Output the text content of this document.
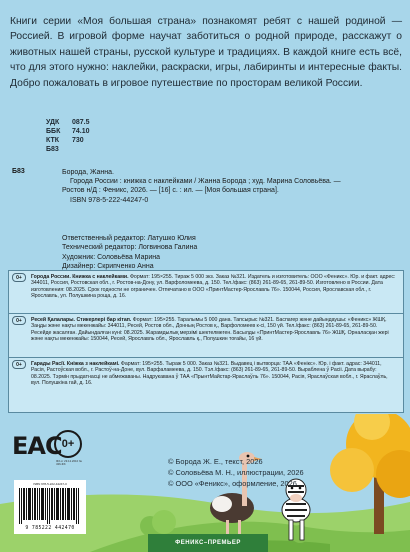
Книги серии «Моя большая страна» познакомят ребят с нашей родиной — Россией. В игровой форме научат заботиться о родной природе, расскажут о животных нашей страны, русской культуре и традициях. В каждой книге есть всё, что для этого нужно: наклейки, раскраски, игры, лабиринты и интересные факты. Добро пожаловать в игровое путешествие по просторам великой России.

УДК	087.5
ББК	74.10
КТК	730
Б83
Б83	Борода, Жанна.
Города России : книжка с наклейками / Жанна Борода ; худ. Марина Соловьёва. — Ростов н/Д : Феникс, 2026. — [16] с. : ил. — [Моя большая страна].
ISBN 978-5-222-44247-0
Ответственный редактор: Латушко Юлия
Технический редактор: Логвинова Галина
Художник: Соловьёва Марина
Дизайнер: Скрипченко Анна
0+	Города России. Книжка с наклейками. Формат: 195×255. Тираж 5 000 экз. Заказ №321. Издатель и изготовитель: ООО «Феникс». Юр. и факт. адрес: 344011, Россия, Ростовская обл., г. Ростов-на-Дону, ул. Варфоломеева, д. 150. Тел./факс: (863) 261-89-65, 261-89-50. Изготовлено в России. Дата изготовления: 08.2025. Срок годности не ограничен. Отпечатано в ООО «ПринтМастер-Ярославль 76». 150044, Россия, Ярославская обл., г. Ярославль, ул. Полушкина роща, д. 16.
0+	Ресей Қалалары. Стикерлері бар кітап. Формат: 195×255. Таралымы 5 000 дана. Тапсырыс №321. Баспагер және дайындаушы: «Феникс» ЖШҚ. Заңды және нақты мекенжайы: 344011, Ресей, Ростов обл., Донның Ростов қ., Варфоломеев к-сі, 150 үй. Тел./факс: (863) 261-89-65, 261-89-50. Ресейде жасалған. Дайындалған күні: 08.2025. Жарамдылық мерзімі шектелмеген. Басылды «ПринтМастер-Ярославль 76» ЖШҚ. Орналасқан жері және нақты мекенжайы: 150044, Ресей, Ярославль обл., Ярославль қ., Полушкин тоғайы, 16 үй.
0+	Гарады Расії. Кніжка з наклейкамі. Фармат: 195×255. Тыраж 5 000. Заказ №321. Выдавец і вытворца: ТАА «Фенікс». Юр. і факт. адрас: 344011, Расія, Растоўская вобл., г. Растоў-на-Доне, вул. Варфаламеева, д. 150. Тэл./факс: (863) 261-89-65, 261-89-50. Выраблена ў Расіі. Дата вырабу: 08.2025. Тэрмін прыдатнасці не абмежаваны. Надрукавана ў ТАА «ПрынтМайстар-Яраслаўль 76». 150044, Расія, Яраслаўская вобл., г. Яраслаўль, вул. Полушкіна гай, д. 16.
EAC 0+
ФЗ от 29.12.2010 № 436-ФЗ
ISBN 978-5-222-44247-0
9 785222 442470
© Борода Ж. Е., текст, 2026
© Соловьёва М. Н., иллюстрации, 2026
© ООО «Феникс», оформление, 2026
ФЕНИКС–ПРЕМЬЕР
